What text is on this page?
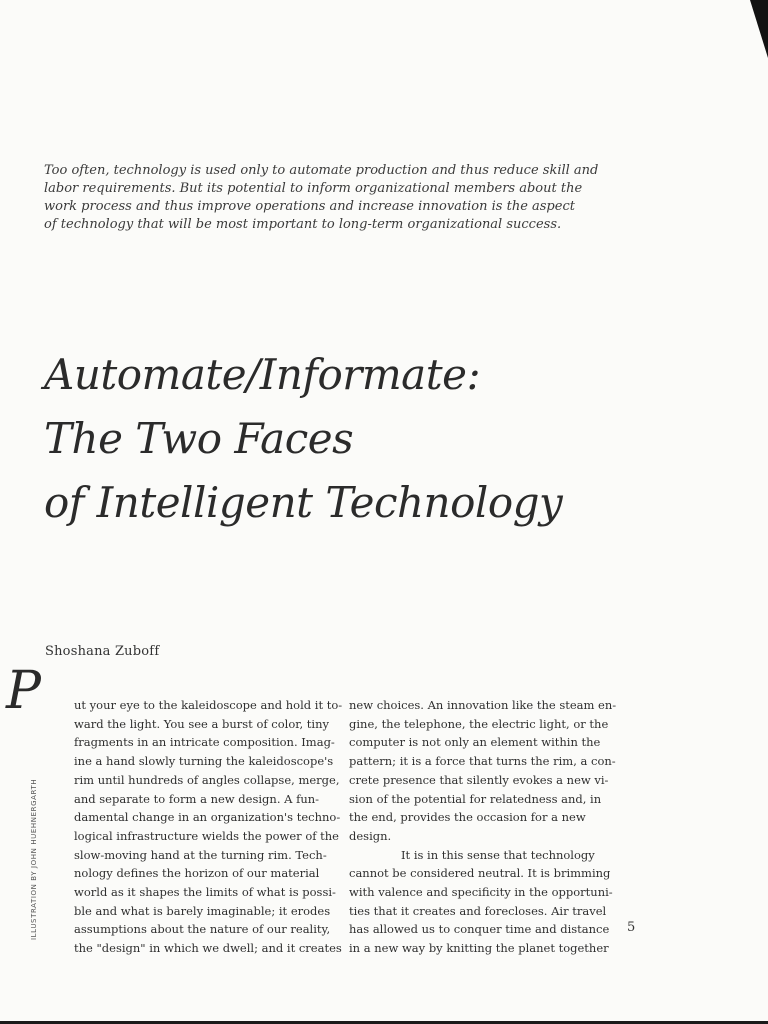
Too often, technology is used only to automate production and thus reduce skill and
labor requirements. But its potential to inform organizational members about the
work process and thus improve operations and increase innovation is the aspect
of technology that will be most important to long-term organizational success.

Automate/Informate:
The Two Faces
of Intelligent Technology
Shoshana Zuboff
P
ILLUSTRATION BY JOHN HUEHNERGARTH
ut your eye to the kaleidoscope and hold it to-
ward the light. You see a burst of color, tiny
fragments in an intricate composition. Imag-
ine a hand slowly turning the kaleidoscope's
rim until hundreds of angles collapse, merge,
and separate to form a new design. A fun-
damental change in an organization's techno-
logical infrastructure wields the power of the
slow-moving hand at the turning rim. Tech-
nology defines the horizon of our material
world as it shapes the limits of what is possi-
ble and what is barely imaginable; it erodes
assumptions about the nature of our reality,
the "design" in which we dwell; and it creates
new choices. An innovation like the steam en-
gine, the telephone, the electric light, or the
computer is not only an element within the
pattern; it is a force that turns the rim, a con-
crete presence that silently evokes a new vi-
sion of the potential for relatedness and, in
the end, provides the occasion for a new
design.
It is in this sense that technology
cannot be considered neutral. It is brimming
with valence and specificity in the opportuni-
ties that it creates and forecloses. Air travel
has allowed us to conquer time and distance
in a new way by knitting the planet together
5
